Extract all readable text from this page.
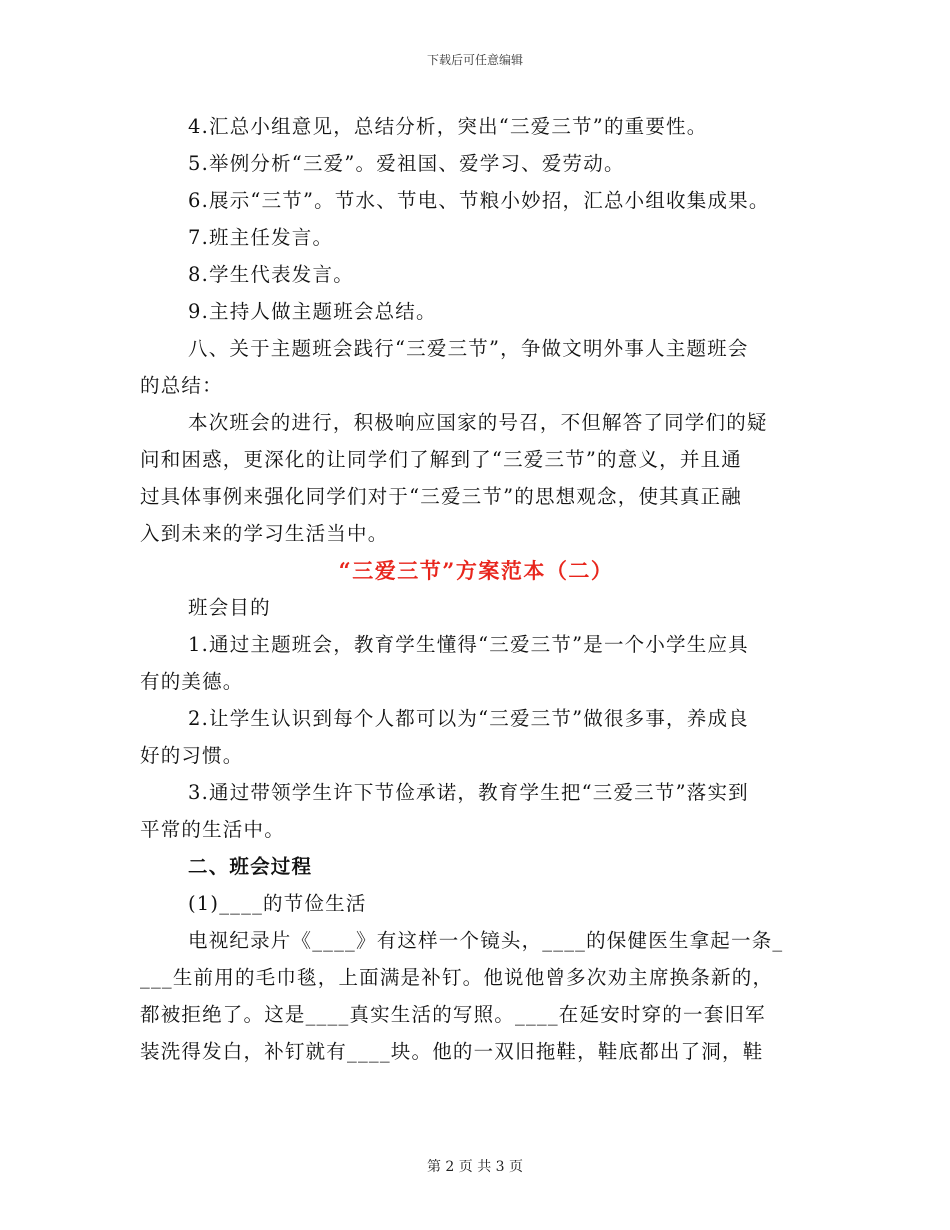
下载后可任意编辑
4.汇总小组意见，总结分析，突出“三爱三节”的重要性。
5.举例分析“三爱”。爱祖国、爱学习、爱劳动。
6.展示“三节”。节水、节电、节粮小妙招，汇总小组收集成果。
7.班主任发言。
8.学生代表发言。
9.主持人做主题班会总结。
八、关于主题班会践行“三爱三节”，争做文明外事人主题班会
的总结：
本次班会的进行，积极响应国家的号召，不但解答了同学们的疑
问和困惑，更深化的让同学们了解到了“三爱三节”的意义，并且通
过具体事例来强化同学们对于“三爱三节”的思想观念，使其真正融
入到未来的学习生活当中。
“三爱三节”方案范本（二）
班会目的
1.通过主题班会，教育学生懂得“三爱三节”是一个小学生应具
有的美德。
2.让学生认识到每个人都可以为“三爱三节”做很多事，养成良
好的习惯。
3.通过带领学生许下节俭承诺，教育学生把“三爱三节”落实到
平常的生活中。
二、班会过程
(1)____的节俭生活
电视纪录片《____》有这样一个镜头，____的保健医生拿起一条_
___生前用的毛巾毯，上面满是补钉。他说他曾多次劝主席换条新的，
都被拒绝了。这是____真实生活的写照。____在延安时穿的一套旧军
装洗得发白，补钉就有____块。他的一双旧拖鞋，鞋底都出了洞，鞋
第 2 页 共 3 页
